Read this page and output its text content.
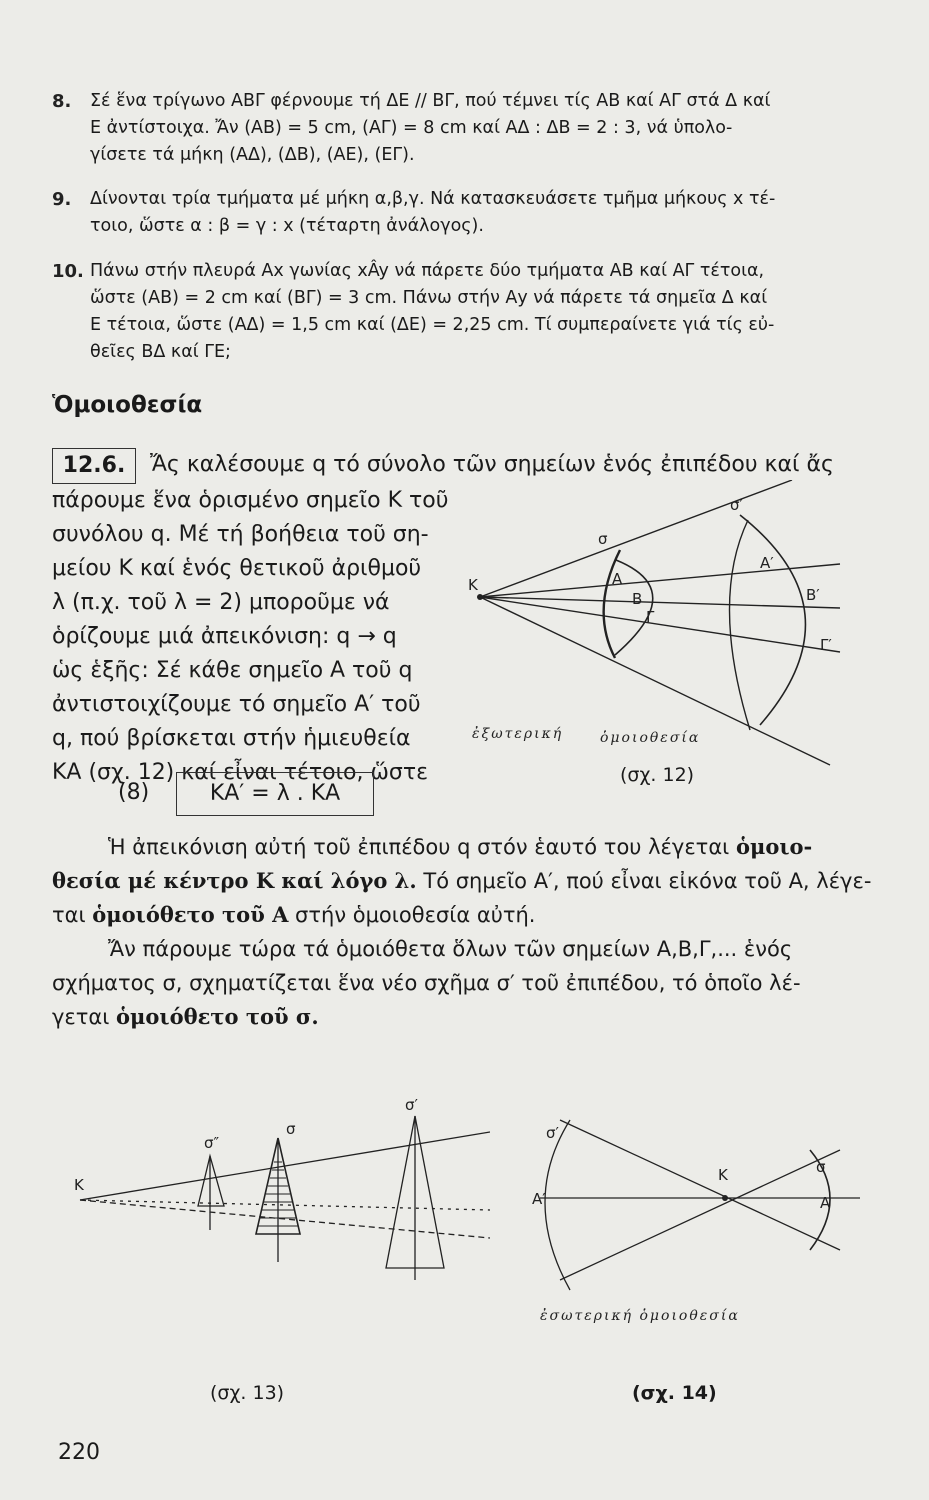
8. Σέ ἕνα τρίγωνο ΑΒΓ φέρνουμε τή ΔΕ // ΒΓ, πού τέμνει τίς ΑΒ καί ΑΓ στά Δ καί
Ε ἀντίστοιχα. Ἄν (ΑΒ) = 5 cm, (ΑΓ) = 8 cm καί ΑΔ : ΔΒ = 2 : 3, νά ὑπολο-
γίσετε τά μήκη (ΑΔ), (ΔΒ), (ΑΕ), (ΕΓ).
9. Δίνονται τρία τμήματα μέ μήκη α,β,γ. Νά κατασκευάσετε τμῆμα μήκους x τέ-
τοιο, ὥστε α : β = γ : x (τέταρτη ἀνάλογος).
10. Πάνω στήν πλευρά Αx γωνίας xÂy νά πάρετε δύο τμήματα ΑΒ καί ΑΓ τέτοια,
ὥστε (ΑΒ) = 2 cm καί (ΒΓ) = 3 cm. Πάνω στήν Αy νά πάρετε τά σημεῖα Δ καί
Ε τέτοια, ὥστε (ΑΔ) = 1,5 cm καί (ΔΕ) = 2,25 cm. Τί συμπεραίνετε γιά τίς εὐ-
θεῖες ΒΔ καί ΓΕ;
Ὁμοιοθεσία
12.6.	Ἄς καλέσουμε q τό σύνολο τῶν σημείων ἑνός ἐπιπέδου καί ἄς
πάρουμε ἕνα ὁρισμένο σημεῖο Κ τοῦ
συνόλου q. Μέ τή βοήθεια τοῦ ση-
μείου Κ καί ἑνός θετικοῦ ἀριθμοῦ
λ (π.χ. τοῦ λ = 2) μποροῦμε νά
ὁρίζουμε μιά ἀπεικόνιση: q → q
ὡς ἑξῆς: Σέ κάθε σημεῖο Α τοῦ q
ἀντιστοιχίζουμε τό σημεῖο Α′ τοῦ
q, πού βρίσκεται στήν ἡμιευθεία
ΚΑ (σχ. 12) καί εἶναι τέτοιο, ὥστε
Κ
σ
σ′
Α
Β
Γ
Α′
Β′
Γ′
ἐξωτερική	ὁμοιοθεσία
(σχ. 12)
(8)	ΚΑ′ = λ . ΚΑ
Ἡ ἀπεικόνιση αὐτή τοῦ ἐπιπέδου q στόν ἑαυτό του λέγεται ὁμοιο-
θεσία μέ κέντρο Κ καί λόγο λ. Τό σημεῖο Α′, πού εἶναι εἰκόνα τοῦ Α, λέγε-
ται ὁμοιόθετο τοῦ Α στήν ὁμοιοθεσία αὐτή.
Ἄν πάρουμε τώρα τά ὁμοιόθετα ὅλων τῶν σημείων Α,Β,Γ,... ἑνός
σχήματος σ, σχηματίζεται ἕνα νέο σχῆμα σ′ τοῦ ἐπιπέδου, τό ὁποῖο λέ-
γεται ὁμοιόθετο τοῦ σ.
Κ
σ″
σ
σ′
(σχ. 13)
σ′
Κ	σ
Α′	Α
ἐσωτερική ὁμοιοθεσία
(σχ. 14)
220
